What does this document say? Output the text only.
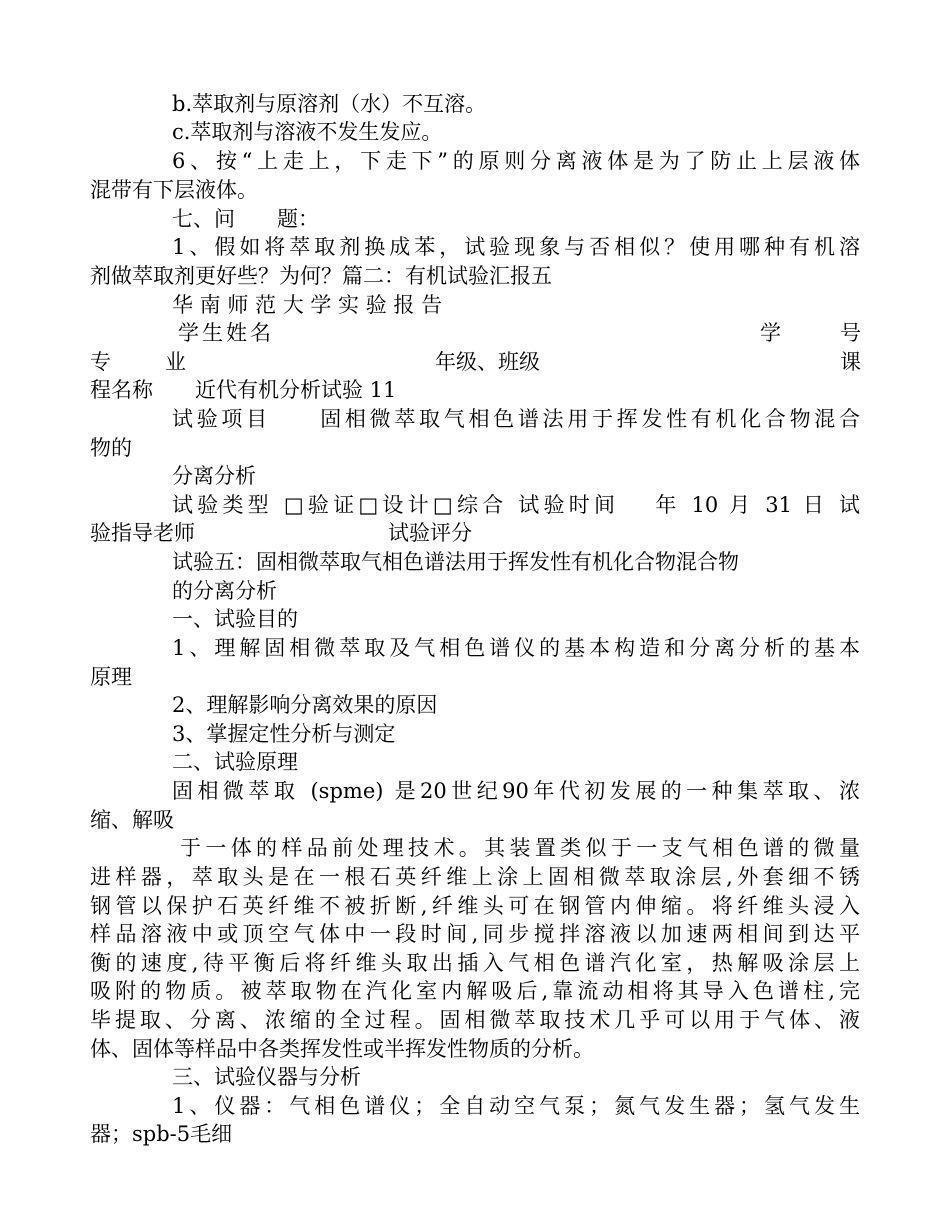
b.萃取剂与原溶剂（水）不互溶。
c.萃取剂与溶液不发生发应。
6、按“上走上，下走下”的原则分离液体是为了防止上层液体
混带有下层液体。
七、问　　题：
1、假如将萃取剂换成苯，试验现象与否相似？使用哪种有机溶
剂做萃取剂更好些？为何？篇二：有机试验汇报五
华 南 师 范 大 学 实 验 报 告
学生姓名	学	号
专	业	年级、班级	课
程名称　　近代有机分析试验 11
试验项目　　固相微萃取气相色谱法用于挥发性有机化合物混合
物的
分离分析
试验类型 □验证□设计□综合 试验时间　 年 10 月 31 日 试
验指导老师	试验评分
试验五：固相微萃取气相色谱法用于挥发性有机化合物混合物
的分离分析
一、试验目的
1、理解固相微萃取及气相色谱仪的基本构造和分离分析的基本
原理
2、理解影响分离效果的原因
3、掌握定性分析与测定
二、试验原理
固相微萃取 (spme) 是20世纪90年代初发展的一种集萃取、浓
缩、解吸
于一体的样品前处理技术。其装置类似于一支气相色谱的微量
进样器，萃取头是在一根石英纤维上涂上固相微萃取涂层,外套细不锈
钢管以保护石英纤维不被折断,纤维头可在钢管内伸缩。将纤维头浸入
样品溶液中或顶空气体中一段时间,同步搅拌溶液以加速两相间到达平
衡的速度,待平衡后将纤维头取出插入气相色谱汽化室，热解吸涂层上
吸附的物质。被萃取物在汽化室内解吸后,靠流动相将其导入色谱柱,完
毕提取、分离、浓缩的全过程。固相微萃取技术几乎可以用于气体、液
体、固体等样品中各类挥发性或半挥发性物质的分析。
三、试验仪器与分析
1、仪器：气相色谱仪；全自动空气泵；氮气发生器；氢气发生
器；spb-5毛细
